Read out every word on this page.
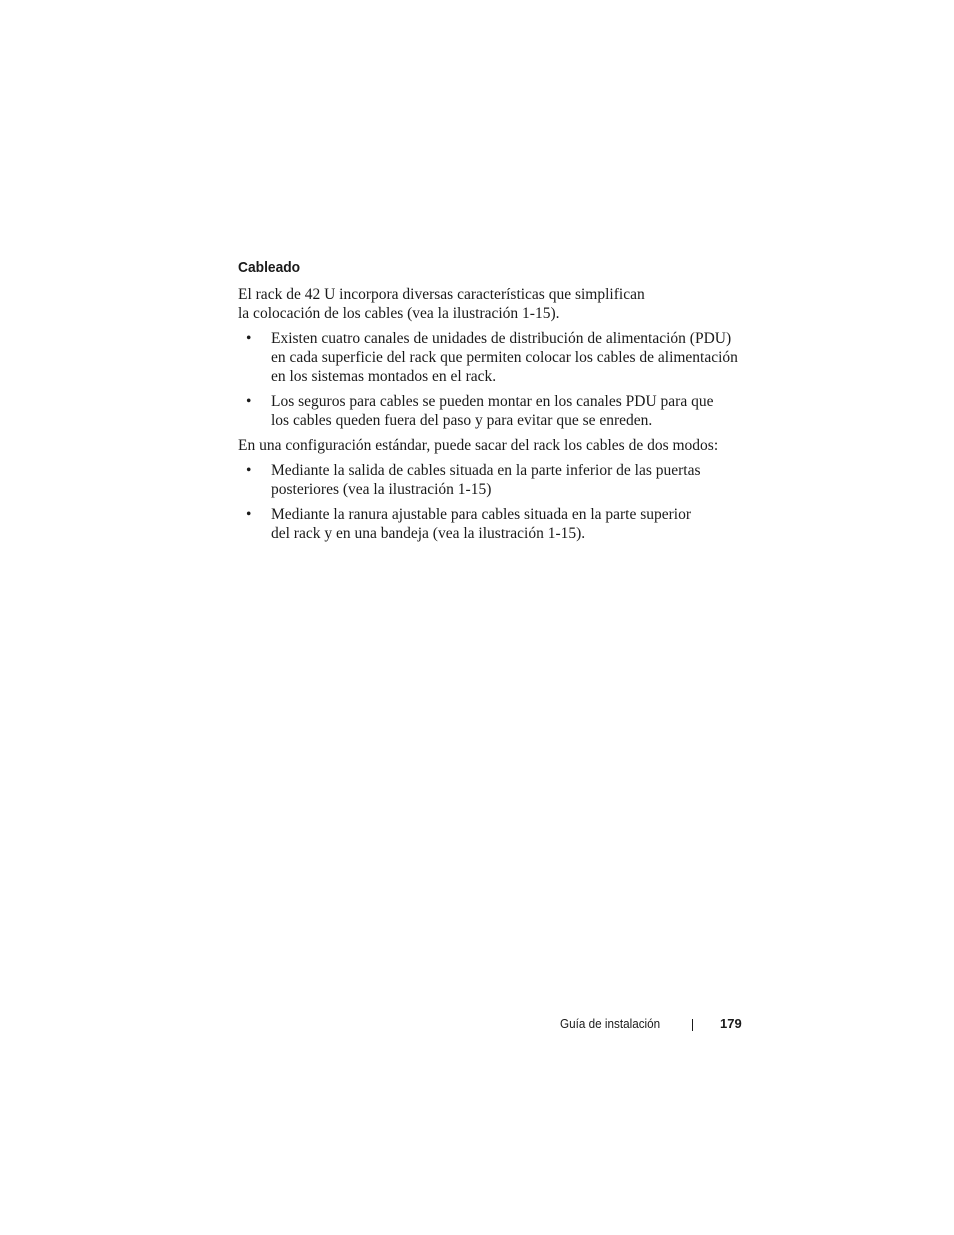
Cableado

El rack de 42 U incorpora diversas características que simplifican
la colocación de los cables (vea la ilustración 1-15).

• Existen cuatro canales de unidades de distribución de alimentación (PDU)
en cada superficie del rack que permiten colocar los cables de alimentación
en los sistemas montados en el rack.
• Los seguros para cables se pueden montar en los canales PDU para que
los cables queden fuera del paso y para evitar que se enreden.

En una configuración estándar, puede sacar del rack los cables de dos modos:

• Mediante la salida de cables situada en la parte inferior de las puertas
posteriores (vea la ilustración 1-15)
• Mediante la ranura ajustable para cables situada en la parte superior
del rack y en una bandeja (vea la ilustración 1-15).
Guía de instalación	179
